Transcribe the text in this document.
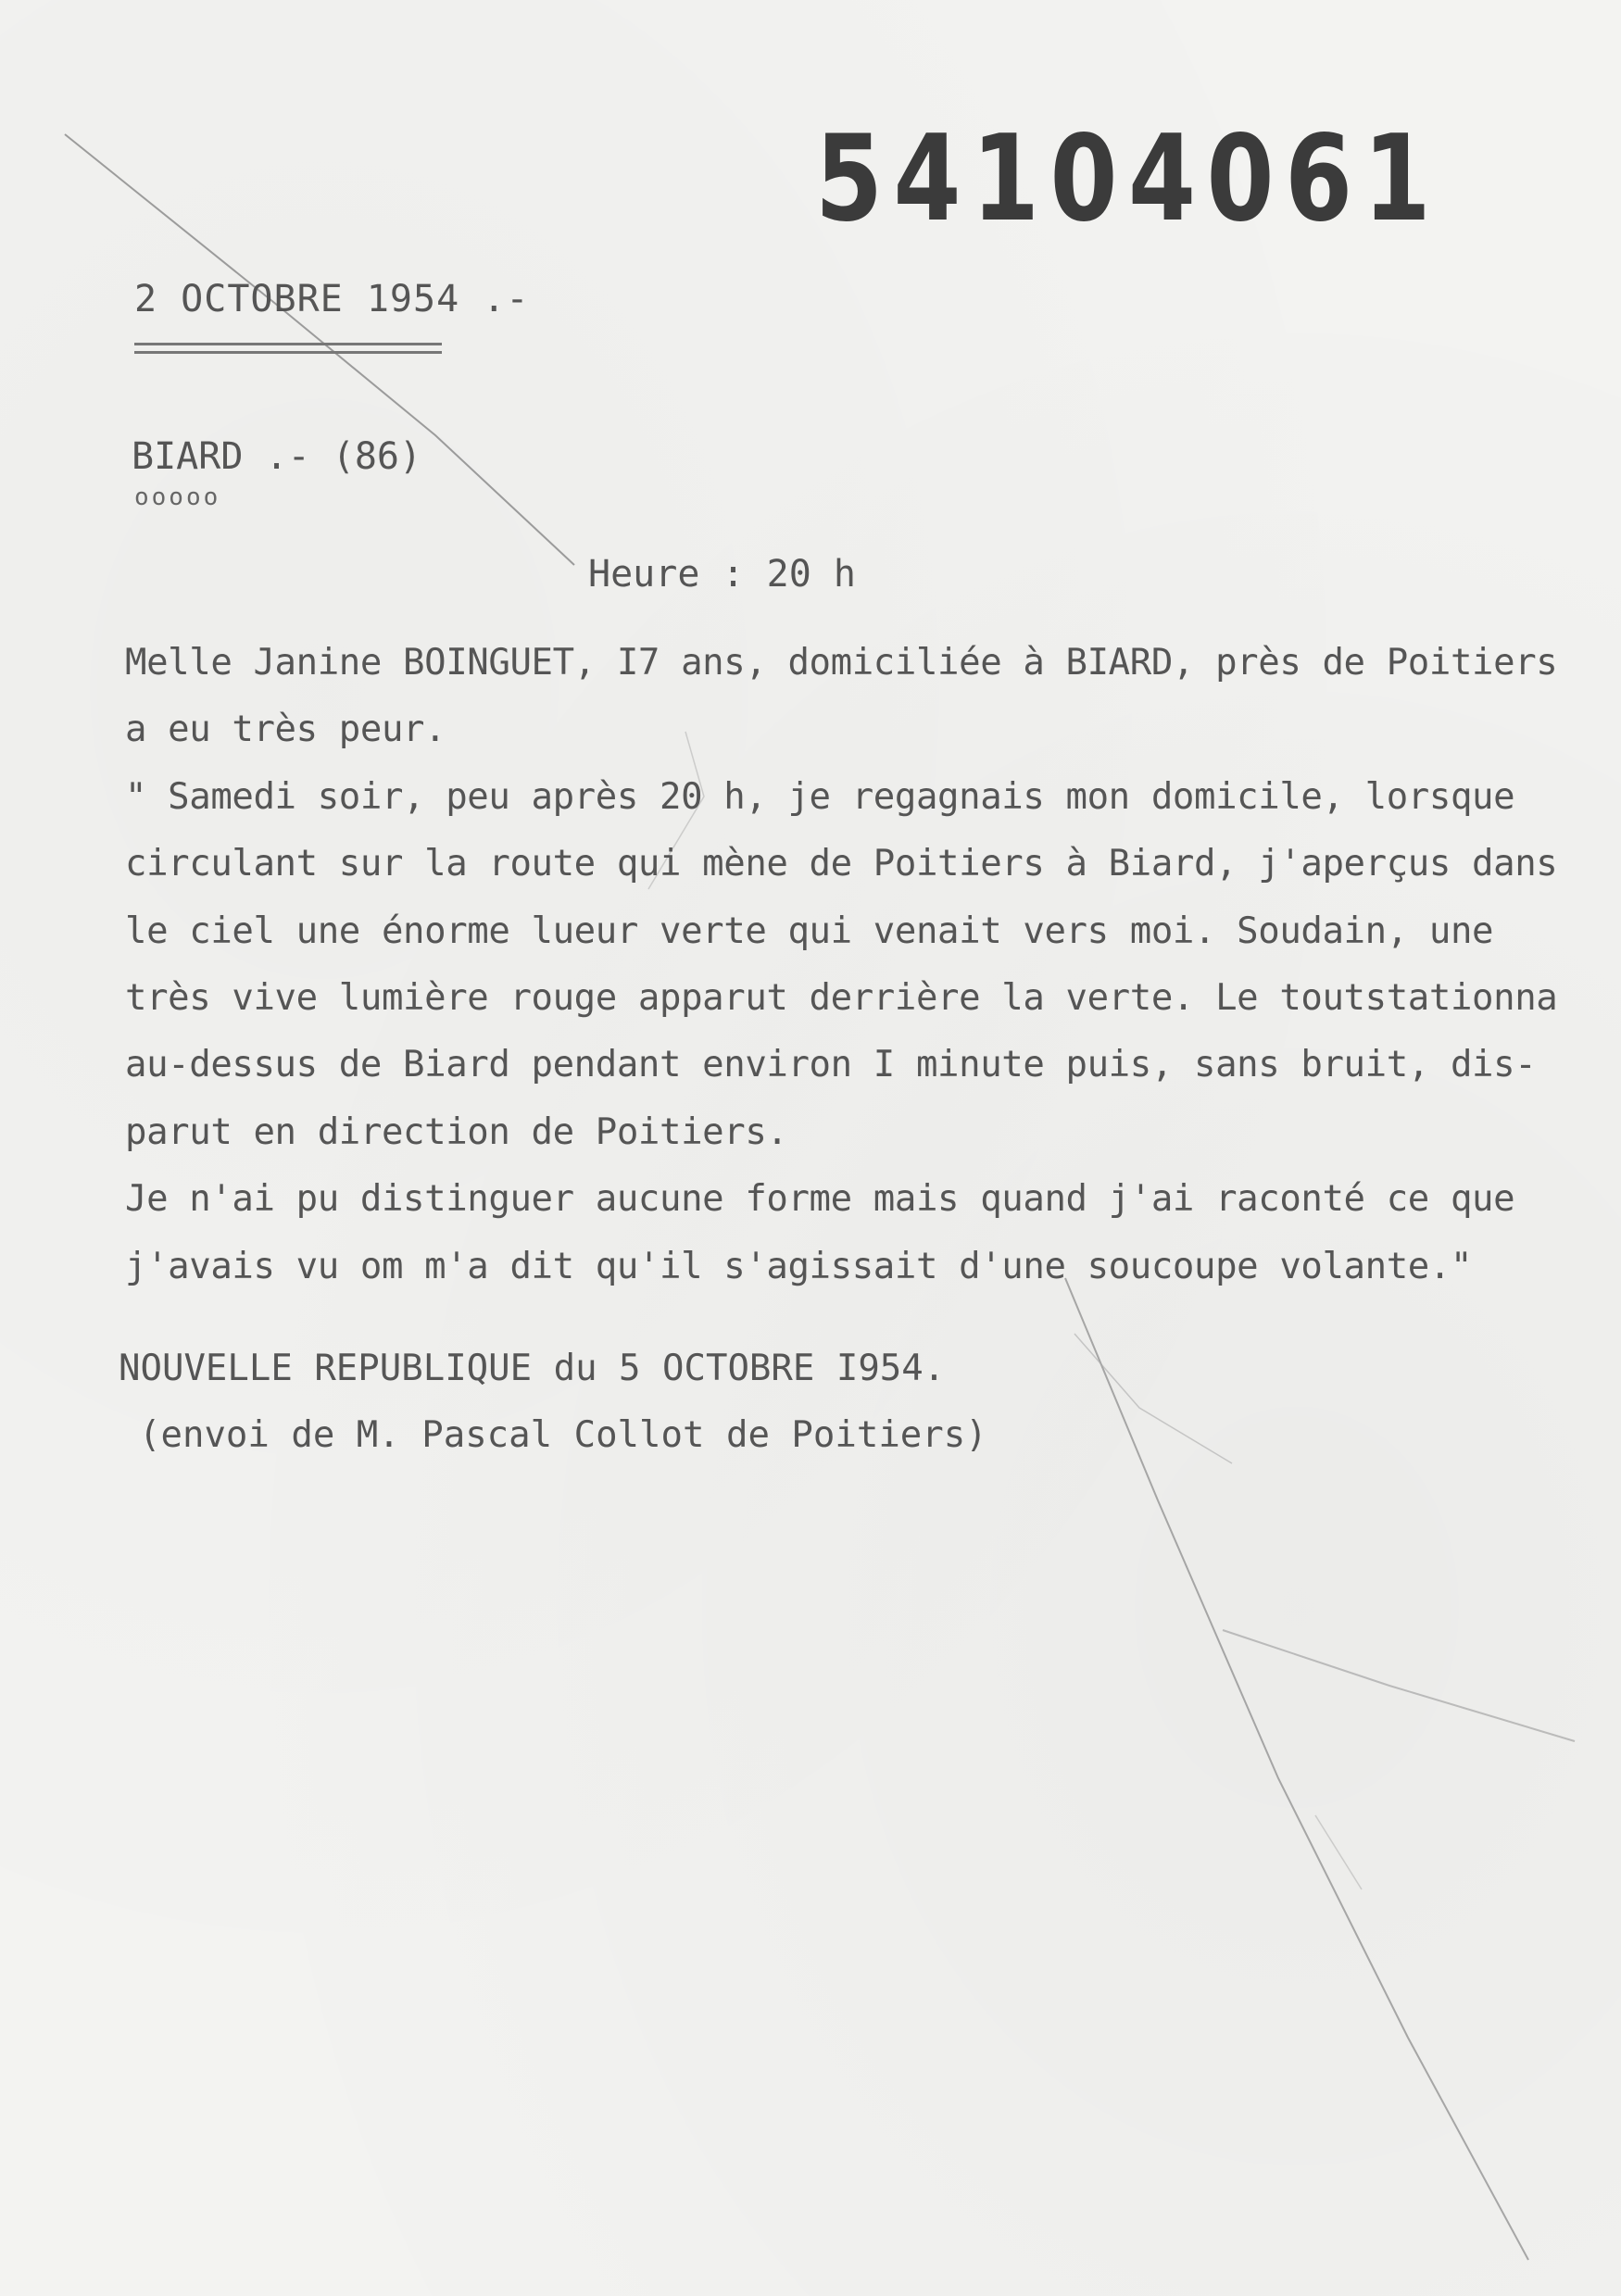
54104061
2 OCTOBRE 1954 .-
BIARD .- (86)
ooooo
Heure : 20 h
Melle Janine BOINGUET, I7 ans, domiciliée à BIARD, près de Poitiers
a eu très peur.
" Samedi soir, peu après 20 h, je regagnais mon domicile, lorsque
circulant sur la route qui mène de Poitiers à Biard, j'aperçus dans
le ciel une énorme lueur verte qui venait vers moi. Soudain, une
très vive lumière rouge apparut derrière la verte. Le toutstationna
au-dessus de Biard pendant environ I minute puis, sans bruit, dis-
parut en direction de Poitiers.
Je n'ai pu distinguer aucune forme mais quand j'ai raconté ce que
j'avais vu om m'a dit qu'il s'agissait d'une soucoupe volante."
NOUVELLE REPUBLIQUE du 5 OCTOBRE I954.
(envoi de M. Pascal Collot de Poitiers)
